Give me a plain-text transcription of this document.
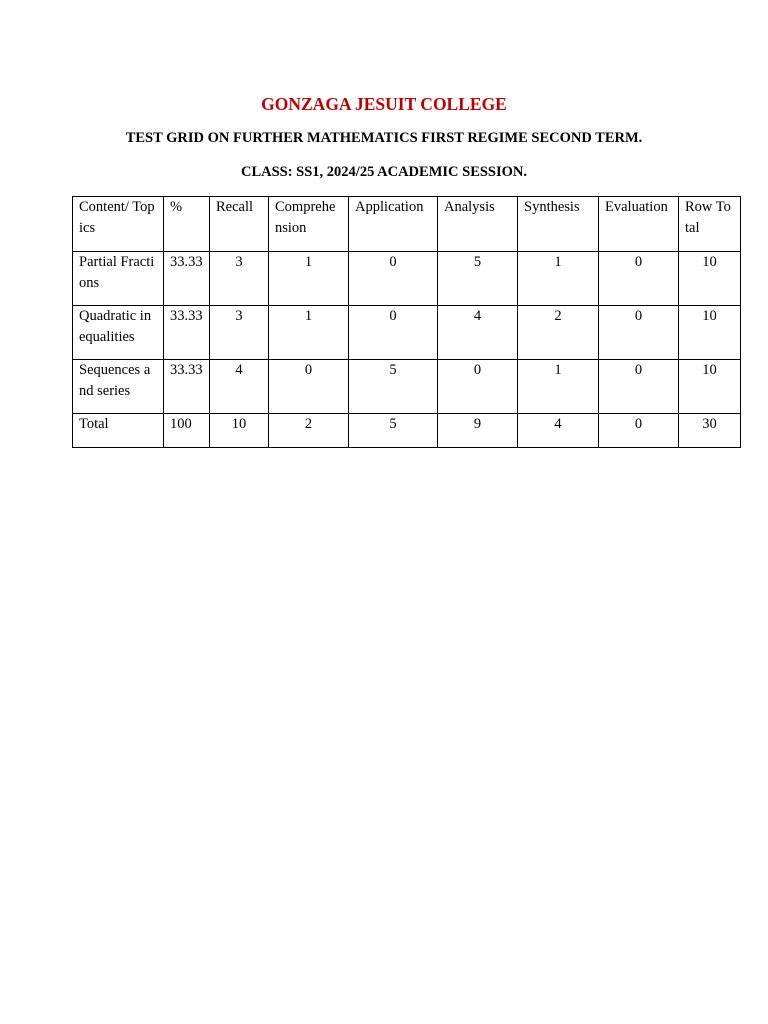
GONZAGA JESUIT COLLEGE
TEST GRID ON FURTHER MATHEMATICS FIRST REGIME SECOND TERM.
CLASS: SS1, 2024/25 ACADEMIC SESSION.
Content/ Topics	%	Recall	Comprehension	Application	Analysis	Synthesis	Evaluation	Row Total
Partial Fractions	33.33	3	1	0	5	1	0	10
Quadratic inequalities	33.33	3	1	0	4	2	0	10
Sequences and series	33.33	4	0	5	0	1	0	10
Total	100	10	2	5	9	4	0	30
